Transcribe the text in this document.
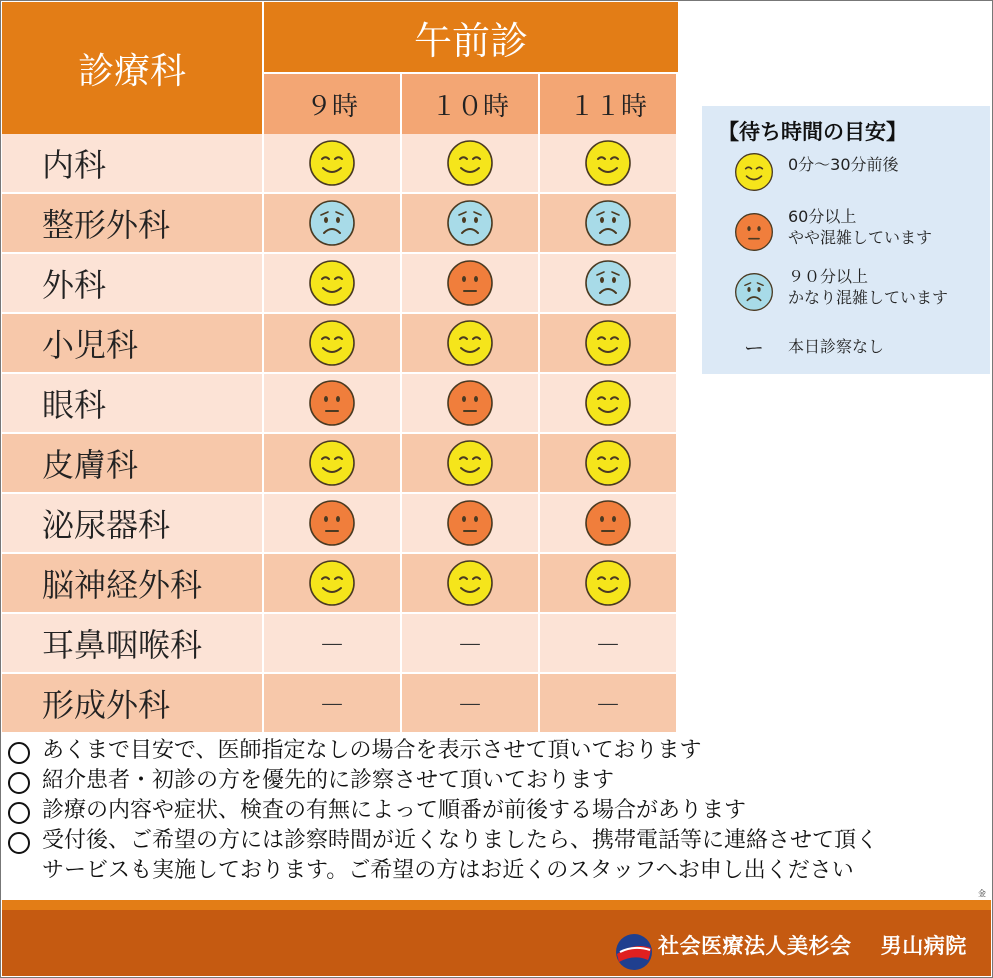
診療科
午前診
９時	１０時	１１時
内科
整形外科
外科
小児科
眼科
皮膚科
泌尿器科
脳神経外科
耳鼻咽喉科	－	－	－
形成外科	－	－	－
【待ち時間の目安】
0分～30分前後
60分以上
やや混雑しています
９０分以上
かなり混雑しています
ー	本日診察なし
あくまで目安で、医師指定なしの場合を表示させて頂いております
紹介患者・初診の方を優先的に診察させて頂いております
診療の内容や症状、検査の有無によって順番が前後する場合があります
受付後、ご希望の方には診察時間が近くなりましたら、携帯電話等に連絡させて頂く
サービスも実施しております。ご希望の方はお近くのスタッフへお申し出ください
金
社会医療法人美杉会　 男山病院
